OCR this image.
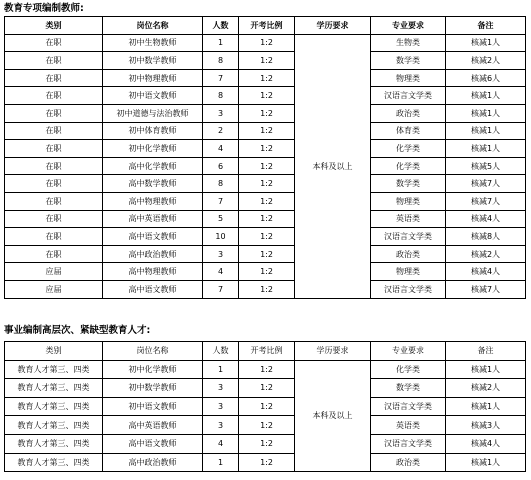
教育专项编制教师:
类别	岗位名称	人数	开考比例	学历要求	专业要求	备注
在职	初中生物教师	1	1:2	本科及以上	生物类	核减1人
在职	初中数学教师	8	1:2		数学类	核减2人
在职	初中物理教师	7	1:2		物理类	核减6人
在职	初中语文教师	8	1:2		汉语言文学类	核减1人
在职	初中道德与法治教师	3	1:2		政治类	核减1人
在职	初中体育教师	2	1:2		体育类	核减1人
在职	初中化学教师	4	1:2		化学类	核减1人
在职	高中化学教师	6	1:2		化学类	核减5人
在职	高中数学教师	8	1:2		数学类	核减7人
在职	高中物理教师	7	1:2		物理类	核减7人
在职	高中英语教师	5	1:2		英语类	核减4人
在职	高中语文教师	10	1:2		汉语言文学类	核减8人
在职	高中政治教师	3	1:2		政治类	核减2人
应届	高中物理教师	4	1:2		物理类	核减4人
应届	高中语文教师	7	1:2		汉语言文学类	核减7人
事业编制高层次、紧缺型教育人才:
类别	岗位名称	人数	开考比例	学历要求	专业要求	备注
教育人才第三、四类	初中化学教师	1	1:2	本科及以上	化学类	核减1人
教育人才第三、四类	初中数学教师	3	1:2		数学类	核减2人
教育人才第三、四类	初中语文教师	3	1:2		汉语言文学类	核减1人
教育人才第三、四类	高中英语教师	3	1:2		英语类	核减3人
教育人才第三、四类	高中语文教师	4	1:2		汉语言文学类	核减4人
教育人才第三、四类	高中政治教师	1	1:2		政治类	核减1人
